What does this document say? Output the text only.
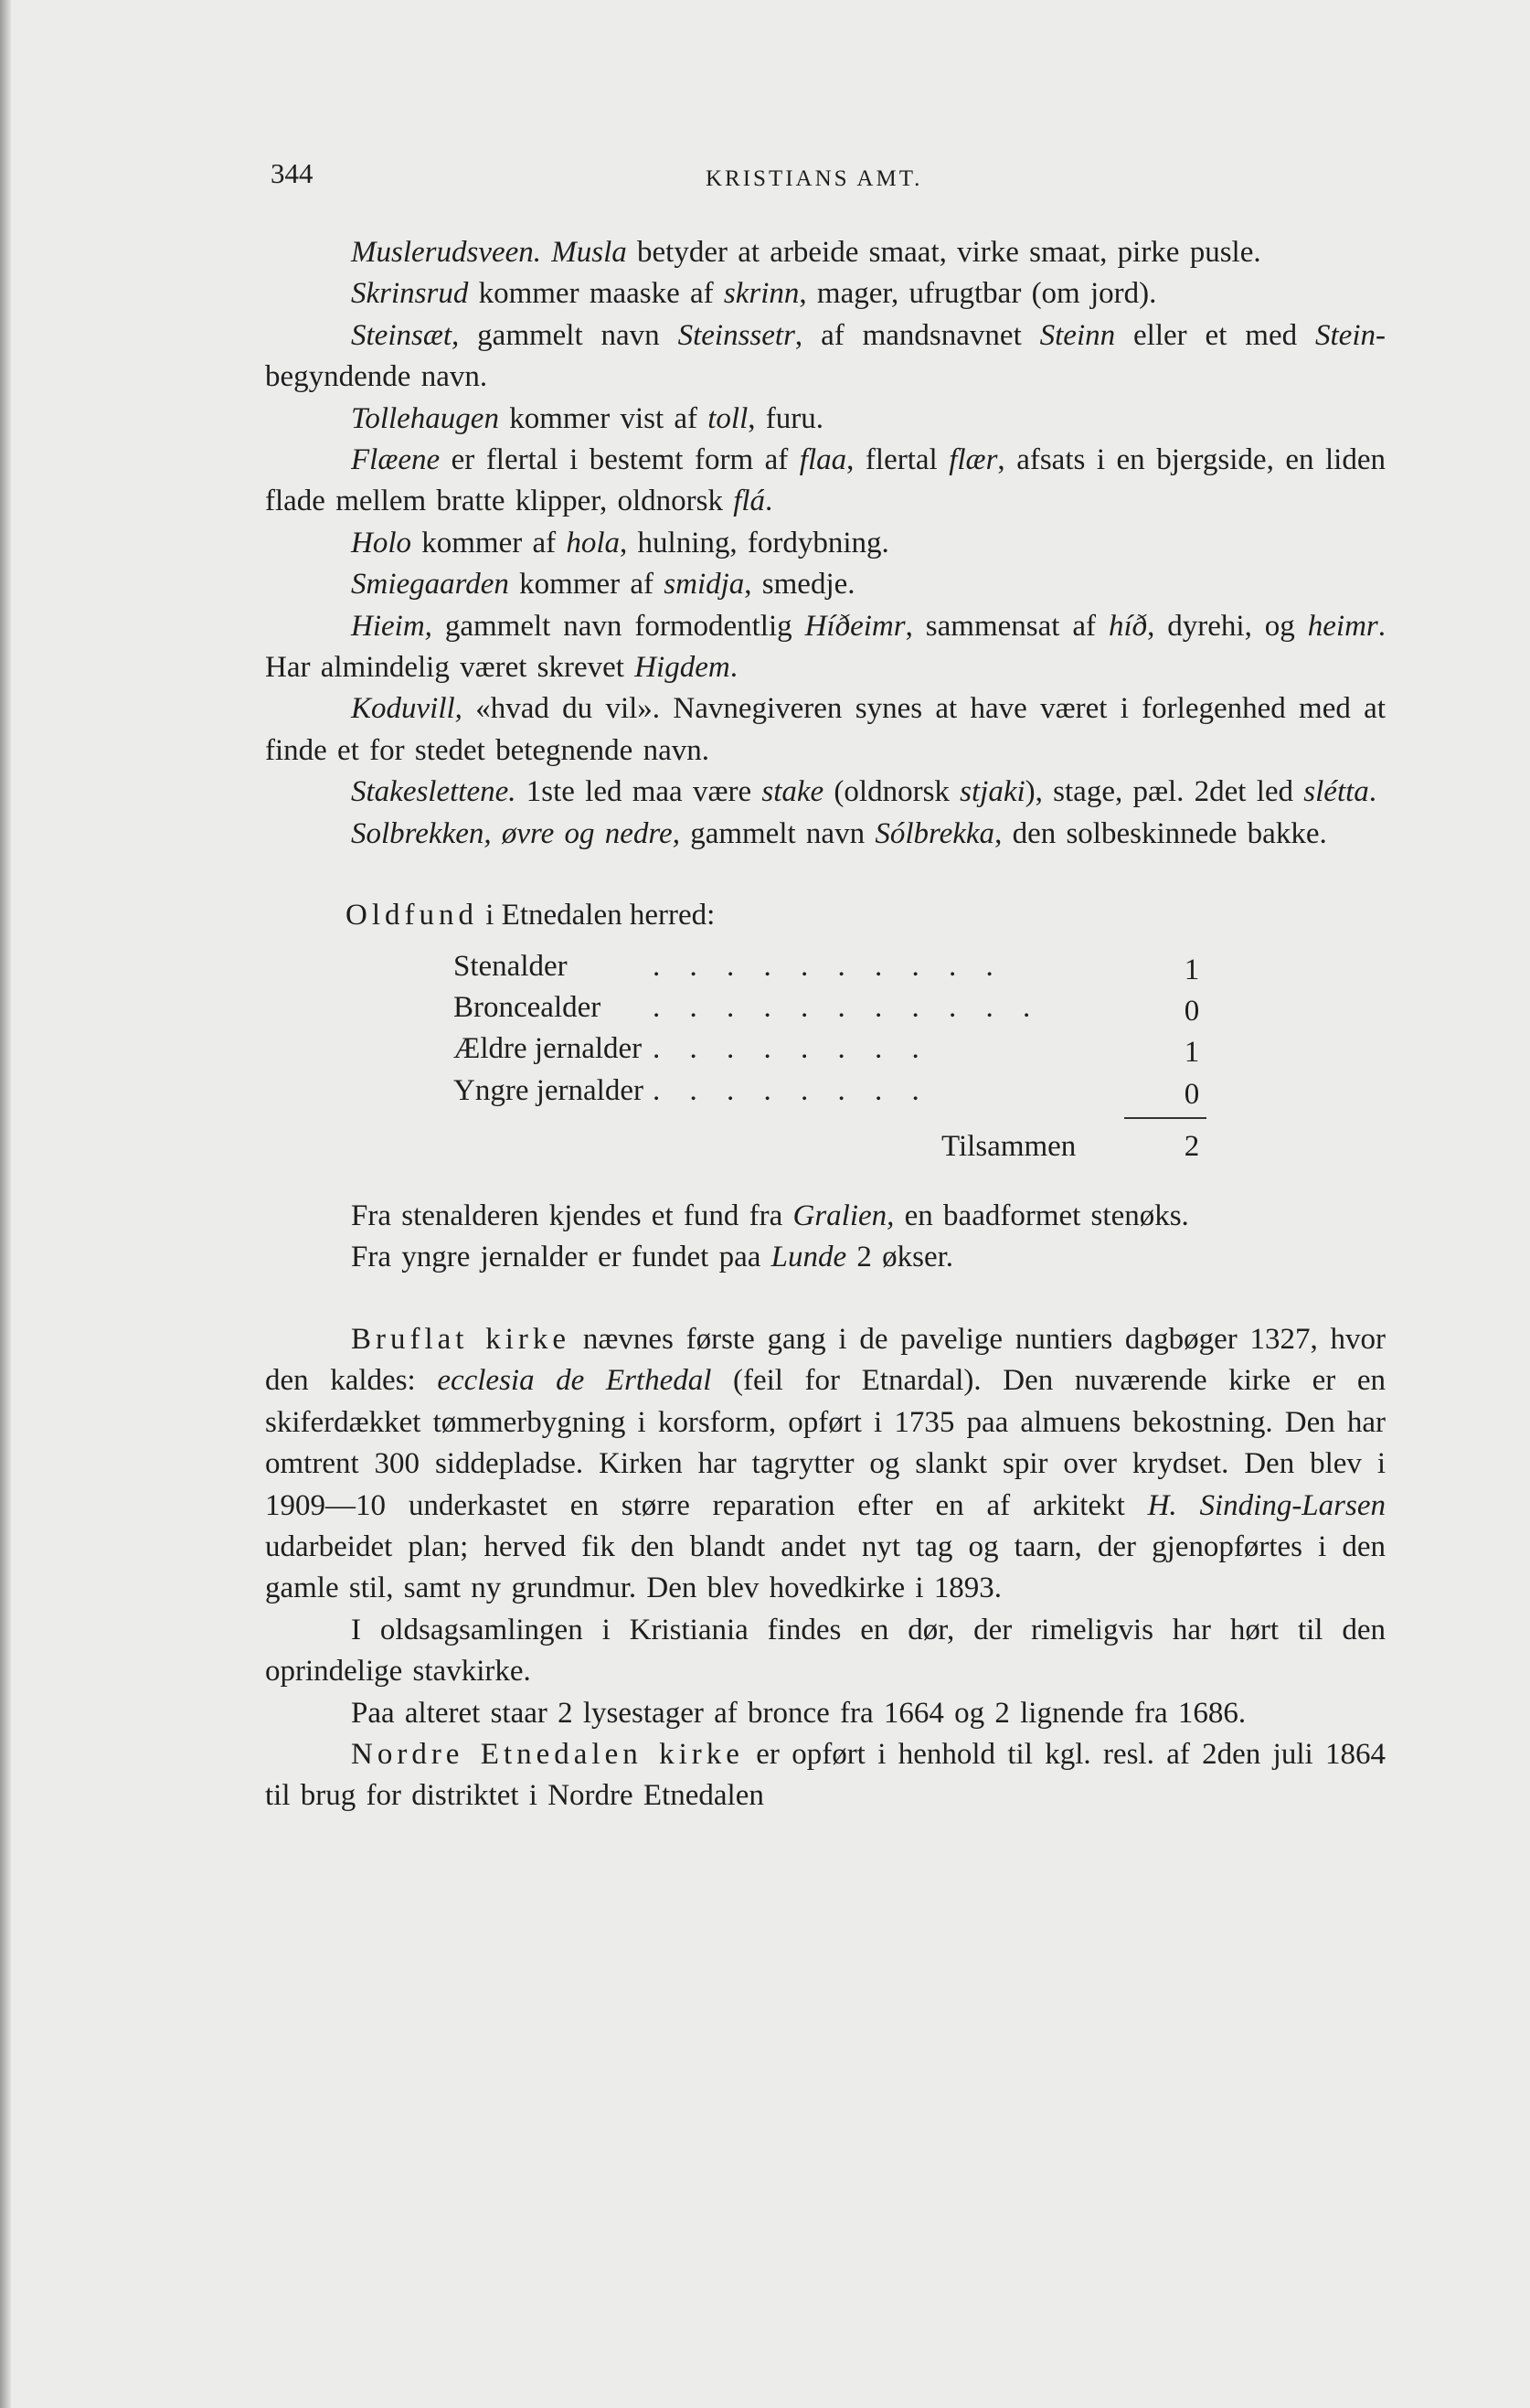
344	KRISTIANS AMT.

Muslerudsveen. Musla betyder at arbeide smaat, virke smaat, pirke pusle.

Skrinsrud kommer maaske af skrinn, mager, ufrugtbar (om jord).

Steinsæt, gammelt navn Steinssetr, af mandsnavnet Steinn eller et med Stein- begyndende navn.

Tollehaugen kommer vist af toll, furu.

Flæene er flertal i bestemt form af flaa, flertal flær, afsats i en bjergside, en liden flade mellem bratte klipper, oldnorsk flá.

Holo kommer af hola, hulning, fordybning.

Smiegaarden kommer af smidja, smedje.

Hieim, gammelt navn formodentlig Híðeimr, sammensat af híð, dyrehi, og heimr. Har almindelig været skrevet Higdem.

Koduvill, «hvad du vil». Navnegiveren synes at have været i forlegenhed med at finde et for stedet betegnende navn.

Stakeslettene. 1ste led maa være stake (oldnorsk stjaki), stage, pæl. 2det led slétta.

Solbrekken, øvre og nedre, gammelt navn Sólbrekka, den solbeskinnede bakke.

Oldfund i Etnedalen herred:

Stenalder	. . . . . . . . . .	1
Broncealder . . . . . . . . . . .	0
Ældre jernalder . . . . . . . .	1
Yngre jernalder . . . . . . . .	0
Tilsammen	2

Fra stenalderen kjendes et fund fra Gralien, en baadformet stenøks.

Fra yngre jernalder er fundet paa Lunde 2 økser.

Bruflat kirke nævnes første gang i de pavelige nuntiers dagbøger 1327, hvor den kaldes: ecclesia de Erthedal (feil for Etnardal). Den nuværende kirke er en skiferdækket tømmerbygning i korsform, opført i 1735 paa almuens bekostning. Den har omtrent 300 siddepladse. Kirken har tagrytter og slankt spir over krydset. Den blev i 1909—10 underkastet en større reparation efter en af arkitekt H. Sinding-Larsen udarbeidet plan; herved fik den blandt andet nyt tag og taarn, der gjenopførtes i den gamle stil, samt ny grundmur. Den blev hovedkirke i 1893.

I oldsagsamlingen i Kristiania findes en dør, der rimeligvis har hørt til den oprindelige stavkirke.

Paa alteret staar 2 lysestager af bronce fra 1664 og 2 lignende fra 1686.

Nordre Etnedalen kirke er opført i henhold til kgl. resl. af 2den juli 1864 til brug for distriktet i Nordre Etnedalen
